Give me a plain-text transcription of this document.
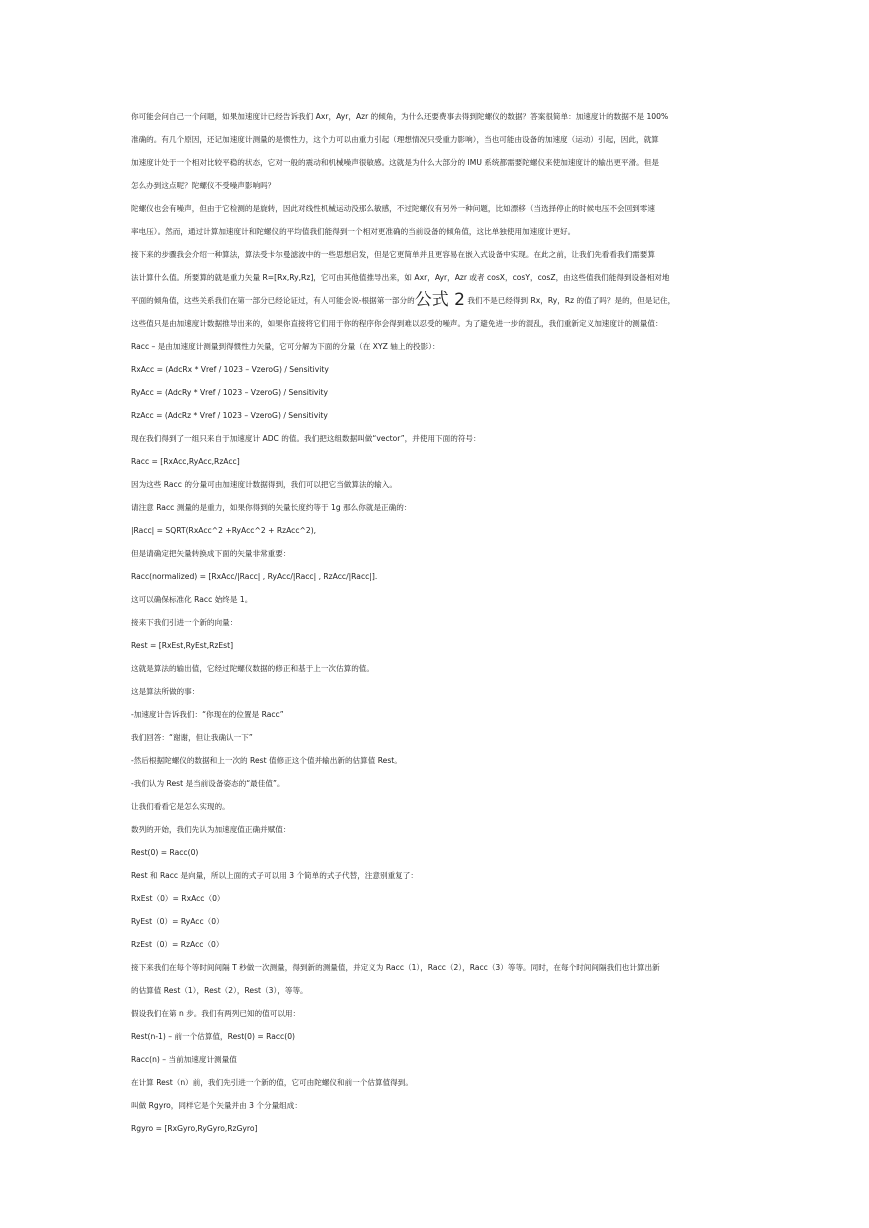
你可能会问自己一个问题，如果加速度计已经告诉我们 Axr，Ayr，Azr 的倾角，为什么还要费事去得到陀螺仪的数据？答案很简单：加速度计的数据不是 100%

准确的。有几个原因，还记加速度计测量的是惯性力，这个力可以由重力引起（理想情况只受重力影响），当也可能由设备的加速度（运动）引起，因此，就算

加速度计处于一个相对比较平稳的状态，它对一般的震动和机械噪声很敏感。这就是为什么大部分的 IMU 系统都需要陀螺仪来使加速度计的输出更平滑。但是

怎么办到这点呢？陀螺仪不受噪声影响吗？

陀螺仪也会有噪声，但由于它检测的是旋转，因此对线性机械运动没那么敏感，不过陀螺仪有另外一种问题，比如漂移（当选择停止的时候电压不会回到零速

率电压）。然而，通过计算加速度计和陀螺仪的平均值我们能得到一个相对更准确的当前设备的倾角值，这比单独使用加速度计更好。

接下来的步骤我会介绍一种算法，算法受卡尔曼滤波中的一些思想启发，但是它更简单并且更容易在嵌入式设备中实现。在此之前，让我们先看看我们需要算

法计算什么值。所要算的就是重力矢量 R=[Rx,Ry,Rz]，它可由其他值推导出来，如 Axr，Ayr，Azr 或者 cosX，cosY，cosZ，由这些值我们能得到设备相对地

平面的倾角值，这些关系我们在第一部分已经论证过，有人可能会说-根据第一部分的公式 2 我们不是已经得到 Rx，Ry，Rz 的值了吗？是的，但是记住，

这些值只是由加速度计数据推导出来的，如果你直接将它们用于你的程序你会得到难以忍受的噪声。为了避免进一步的混乱，我们重新定义加速度计的测量值：

Racc – 是由加速度计测量到得惯性力矢量，它可分解为下面的分量（在 XYZ 轴上的投影）：

RxAcc = (AdcRx * Vref / 1023 – VzeroG) / Sensitivity

RyAcc = (AdcRy * Vref / 1023 – VzeroG) / Sensitivity

RzAcc = (AdcRz * Vref / 1023 – VzeroG) / Sensitivity

现在我们得到了一组只来自于加速度计 ADC 的值。我们把这组数据叫做“vector”，并使用下面的符号：

Racc = [RxAcc,RyAcc,RzAcc]

因为这些 Racc 的分量可由加速度计数据得到，我们可以把它当做算法的输入。

请注意 Racc 测量的是重力，如果你得到的矢量长度约等于 1g 那么你就是正确的：

|Racc| = SQRT(RxAcc^2 +RyAcc^2 + RzAcc^2),

但是请确定把矢量转换成下面的矢量非常重要：

Racc(normalized) = [RxAcc/|Racc| , RyAcc/|Racc| , RzAcc/|Racc|].

这可以确保标准化 Racc 始终是 1。

接来下我们引进一个新的向量：

Rest = [RxEst,RyEst,RzEst]

这就是算法的输出值，它经过陀螺仪数据的修正和基于上一次估算的值。

这是算法所做的事：

-加速度计告诉我们：“你现在的位置是 Racc”

我们回答：“谢谢，但让我确认一下”

-然后根据陀螺仪的数据和上一次的 Rest 值修正这个值并输出新的估算值 Rest。

-我们认为 Rest 是当前设备姿态的“最佳值”。

让我们看看它是怎么实现的。

数列的开始，我们先认为加速度值正确并赋值：

Rest(0) = Racc(0)

Rest 和 Racc 是向量，所以上面的式子可以用 3 个简单的式子代替，注意别重复了：

RxEst（0）= RxAcc（0）

RyEst（0）= RyAcc（0）

RzEst（0）= RzAcc（0）

接下来我们在每个等时间间隔 T 秒做一次测量，得到新的测量值，并定义为 Racc（1），Racc（2），Racc（3）等等。同时，在每个时间间隔我们也计算出新

的估算值 Rest（1），Rest（2），Rest（3），等等。

假设我们在第 n 步。我们有两列已知的值可以用：

Rest(n-1) – 前一个估算值，Rest(0) = Racc(0)

Racc(n) – 当前加速度计测量值

在计算 Rest（n）前，我们先引进一个新的值，它可由陀螺仪和前一个估算值得到。

叫做 Rgyro，同样它是个矢量并由 3 个分量组成：

Rgyro = [RxGyro,RyGyro,RzGyro]
